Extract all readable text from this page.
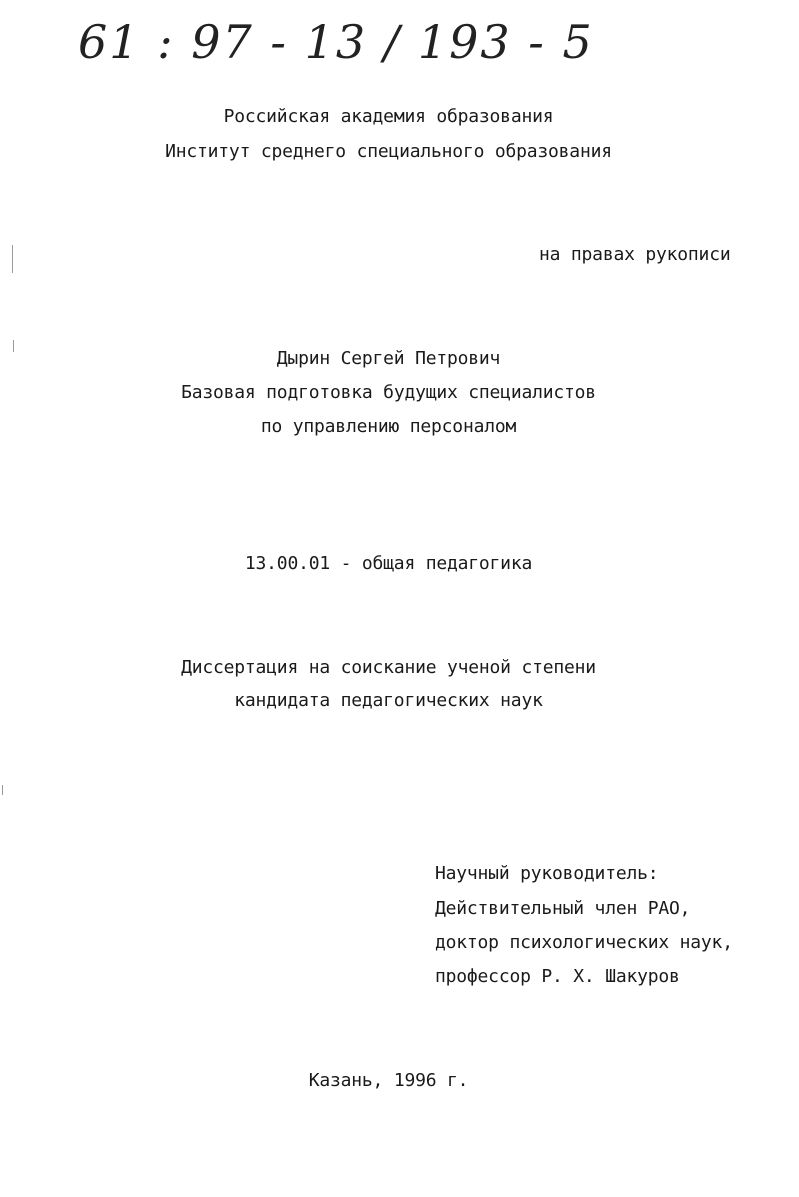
61 : 97 - 13 / 193 - 5
Российская академия образования
Институт среднего специального образования
на правах рукописи
Дырин Сергей Петрович
Базовая подготовка будущих специалистов
по управлению персоналом
13.00.01 - общая педагогика
Диссертация на соискание ученой степени
кандидата педагогических наук
Научный руководитель:
Действительный член РАО,
доктор психологических наук,
профессор Р. Х. Шакуров
Казань, 1996 г.
